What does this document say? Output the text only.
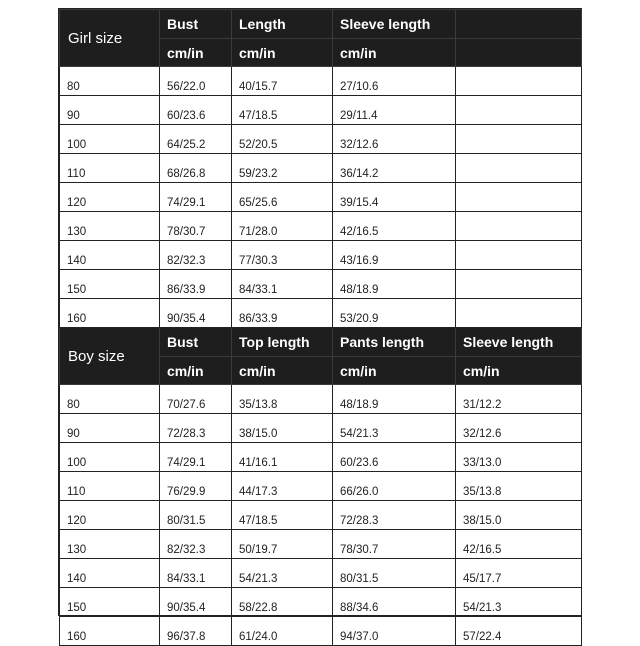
Girl size	Bust	Length	Sleeve length	
	cm/in	cm/in	cm/in	
80	56/22.0	40/15.7	27/10.6	
90	60/23.6	47/18.5	29/11.4	
100	64/25.2	52/20.5	32/12.6	
110	68/26.8	59/23.2	36/14.2	
120	74/29.1	65/25.6	39/15.4	
130	78/30.7	71/28.0	42/16.5	
140	82/32.3	77/30.3	43/16.9	
150	86/33.9	84/33.1	48/18.9	
160	90/35.4	86/33.9	53/20.9	
Boy size	Bust	Top length	Pants length	Sleeve length
	cm/in	cm/in	cm/in	cm/in
80	70/27.6	35/13.8	48/18.9	31/12.2
90	72/28.3	38/15.0	54/21.3	32/12.6
100	74/29.1	41/16.1	60/23.6	33/13.0
110	76/29.9	44/17.3	66/26.0	35/13.8
120	80/31.5	47/18.5	72/28.3	38/15.0
130	82/32.3	50/19.7	78/30.7	42/16.5
140	84/33.1	54/21.3	80/31.5	45/17.7
150	90/35.4	58/22.8	88/34.6	54/21.3
160	96/37.8	61/24.0	94/37.0	57/22.4
